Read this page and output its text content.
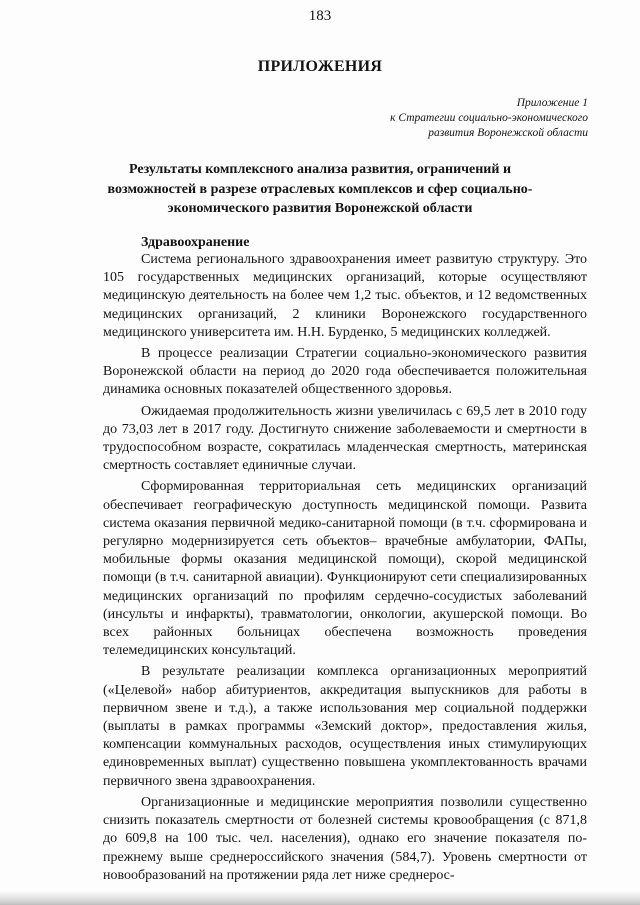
183
ПРИЛОЖЕНИЯ
Приложение 1
к Стратегии социально-экономического
развития Воронежской области
Результаты комплексного анализа развития, ограничений и возможностей в разрезе отраслевых комплексов и сфер социально-экономического развития Воронежской области
Здравоохранение

Система регионального здравоохранения имеет развитую структуру. Это 105 государственных медицинских организаций, которые осуществляют медицинскую деятельность на более чем 1,2 тыс. объектов, и 12 ведомственных медицинских организаций, 2 клиники Воронежского государственного медицинского университета им. Н.Н. Бурденко, 5 медицинских колледжей.

В процессе реализации Стратегии социально-экономического развития Воронежской области на период до 2020 года обеспечивается положительная динамика основных показателей общественного здоровья.

Ожидаемая продолжительность жизни увеличилась с 69,5 лет в 2010 году до 73,03 лет в 2017 году. Достигнуто снижение заболеваемости и смертности в трудоспособном возрасте, сократилась младенческая смертность, материнская смертность составляет единичные случаи.

Сформированная территориальная сеть медицинских организаций обеспечивает географическую доступность медицинской помощи. Развита система оказания первичной медико-санитарной помощи (в т.ч. сформирована и регулярно модернизируется сеть объектов– врачебные амбулатории, ФАПы, мобильные формы оказания медицинской помощи), скорой медицинской помощи (в т.ч. санитарной авиации). Функционируют сети специализированных медицинских организаций по профилям сердечно-сосудистых заболеваний (инсульты и инфаркты), травматологии, онкологии, акушерской помощи. Во всех районных больницах обеспечена возможность проведения телемедицинских консультаций.

В результате реализации комплекса организационных мероприятий («Целевой» набор абитуриентов, аккредитация выпускников для работы в первичном звене и т.д.), а также использования мер социальной поддержки (выплаты в рамках программы «Земский доктор», предоставления жилья, компенсации коммунальных расходов, осуществления иных стимулирующих единовременных выплат) существенно повышена укомплектованность врачами первичного звена здравоохранения.

Организационные и медицинские мероприятия позволили существенно снизить показатель смертности от болезней системы кровообращения (с 871,8 до 609,8 на 100 тыс. чел. населения), однако его значение показателя по-прежнему выше среднероссийского значения (584,7). Уровень смертности от новообразований на протяжении ряда лет ниже среднерос-
